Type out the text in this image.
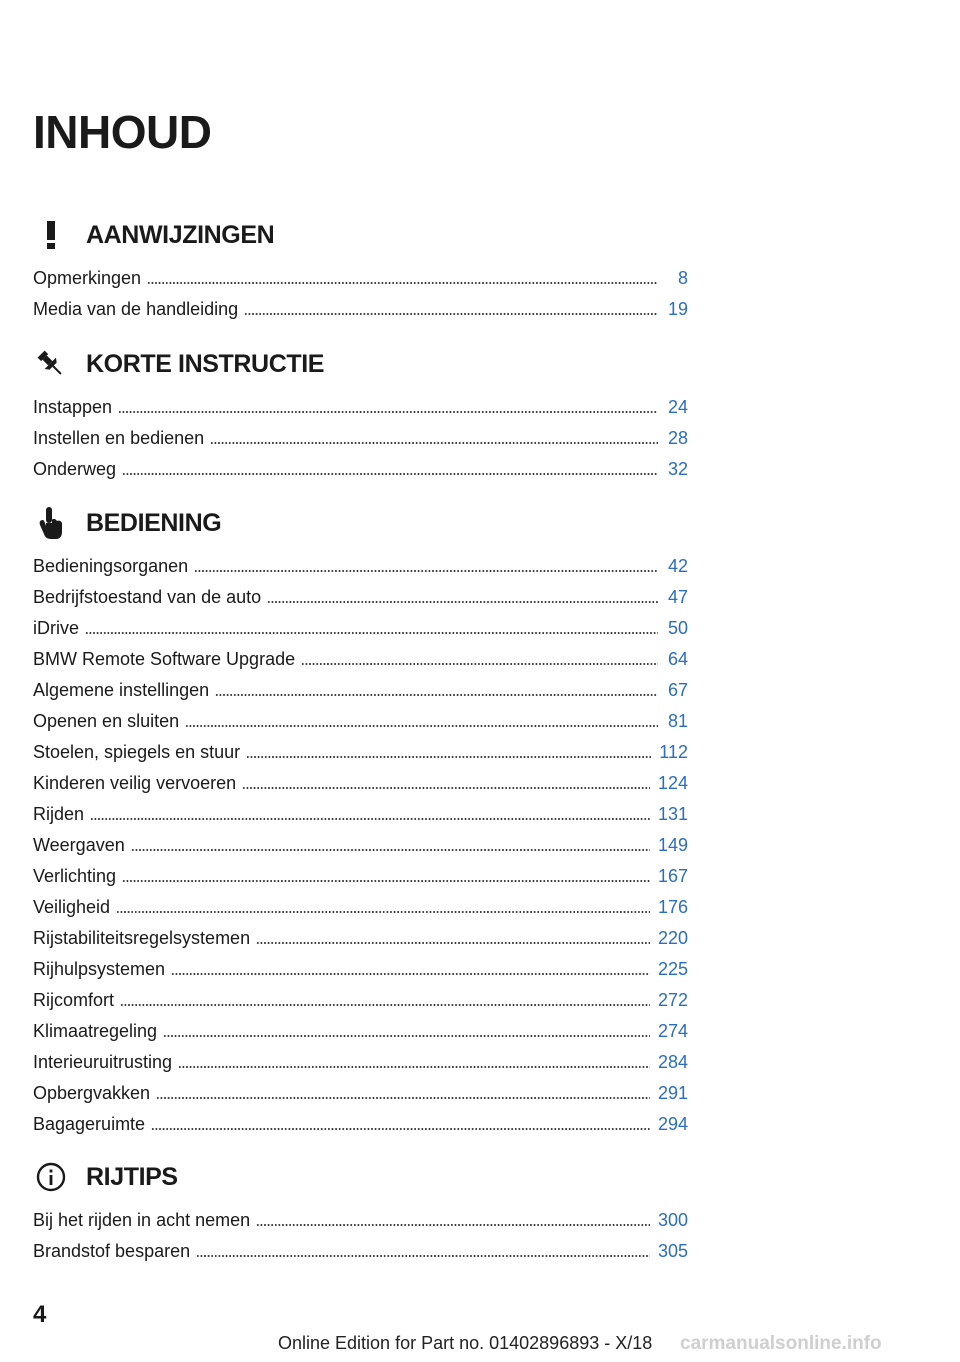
INHOUD
AANWIJZINGEN
Opmerkingen	8
Media van de handleiding	19
KORTE INSTRUCTIE
Instappen	24
Instellen en bedienen	28
Onderweg	32
BEDIENING
Bedieningsorganen	42
Bedrijfstoestand van de auto	47
iDrive	50
BMW Remote Software Upgrade	64
Algemene instellingen	67
Openen en sluiten	81
Stoelen, spiegels en stuur	112
Kinderen veilig vervoeren	124
Rijden	131
Weergaven	149
Verlichting	167
Veiligheid	176
Rijstabiliteitsregelsystemen	220
Rijhulpsystemen	225
Rijcomfort	272
Klimaatregeling	274
Interieuruitrusting	284
Opbergvakken	291
Bagageruimte	294
RIJTIPS
Bij het rijden in acht nemen	300
Brandstof besparen	305
4
Online Edition for Part no. 01402896893 - X/18 carmanualsonline.info
